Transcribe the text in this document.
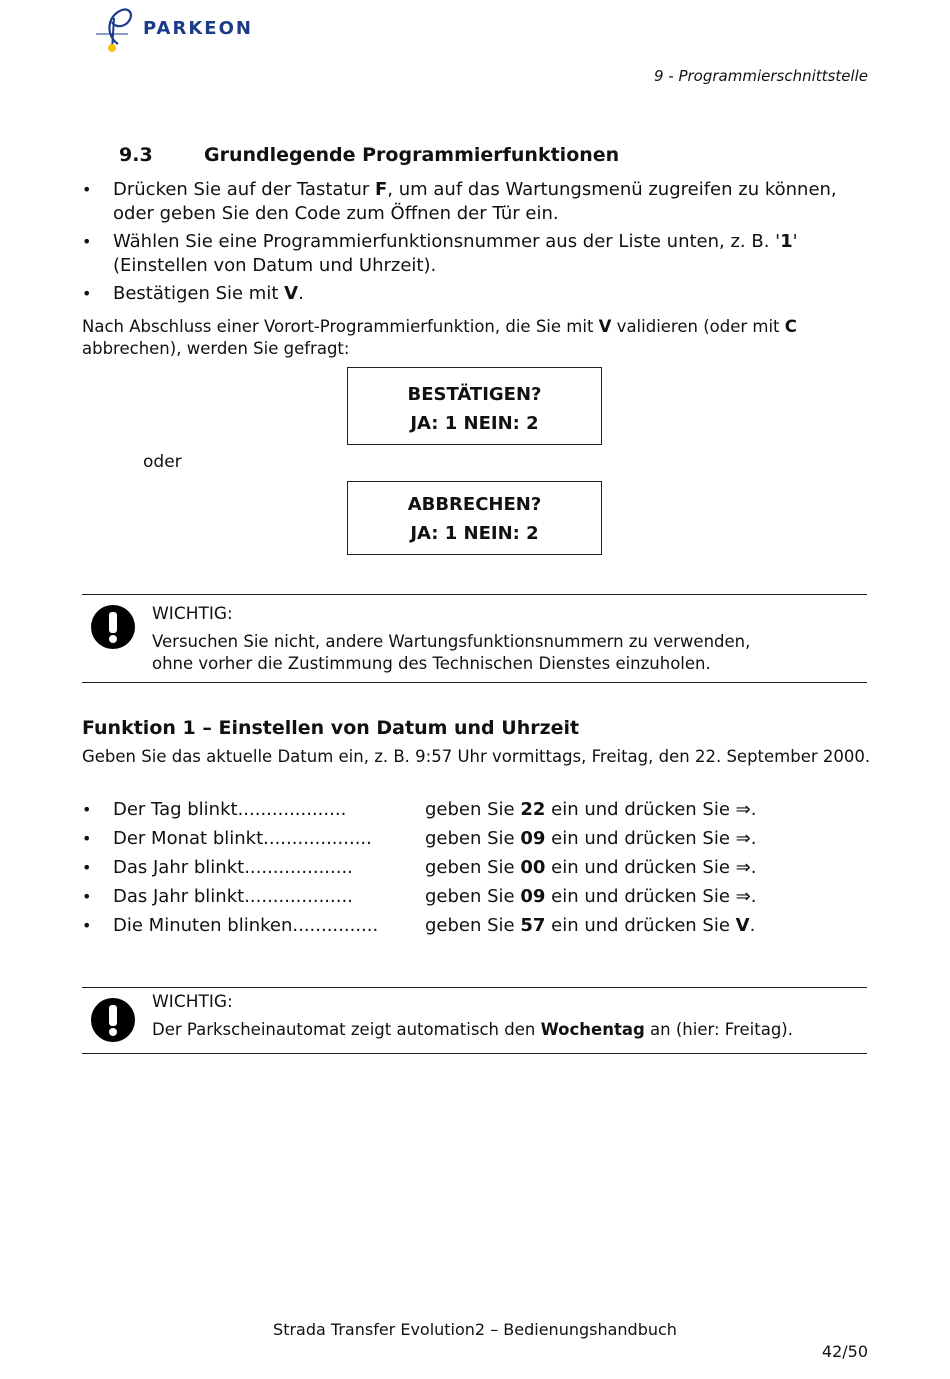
PARKEON
9 - Programmierschnittstelle
9.3	Grundlegende Programmierfunktionen
• Drücken Sie auf der Tastatur F, um auf das Wartungsmenü zugreifen zu können, oder geben Sie den Code zum Öffnen der Tür ein.
• Wählen Sie eine Programmierfunktionsnummer aus der Liste unten, z. B. '1' (Einstellen von Datum und Uhrzeit).
• Bestätigen Sie mit V.
Nach Abschluss einer Vorort-Programmierfunktion, die Sie mit V validieren (oder mit C abbrechen), werden Sie gefragt:
BESTÄTIGEN?
JA: 1 NEIN: 2
oder
ABBRECHEN?
JA: 1 NEIN: 2
WICHTIG:
Versuchen Sie nicht, andere Wartungsfunktionsnummern zu verwenden,
ohne vorher die Zustimmung des Technischen Dienstes einzuholen.
Funktion 1 – Einstellen von Datum und Uhrzeit
Geben Sie das aktuelle Datum ein, z. B. 9:57 Uhr vormittags, Freitag, den 22. September 2000.
• Der Tag blinkt...................	geben Sie 22 ein und drücken Sie ⇒.
• Der Monat blinkt...................	geben Sie 09 ein und drücken Sie ⇒.
• Das Jahr blinkt...................	geben Sie 00 ein und drücken Sie ⇒.
• Das Jahr blinkt...................	geben Sie 09 ein und drücken Sie ⇒.
• Die Minuten blinken...............	geben Sie 57 ein und drücken Sie V.
WICHTIG:
Der Parkscheinautomat zeigt automatisch den Wochentag an (hier: Freitag).
Strada Transfer Evolution2 – Bedienungshandbuch
42/50
